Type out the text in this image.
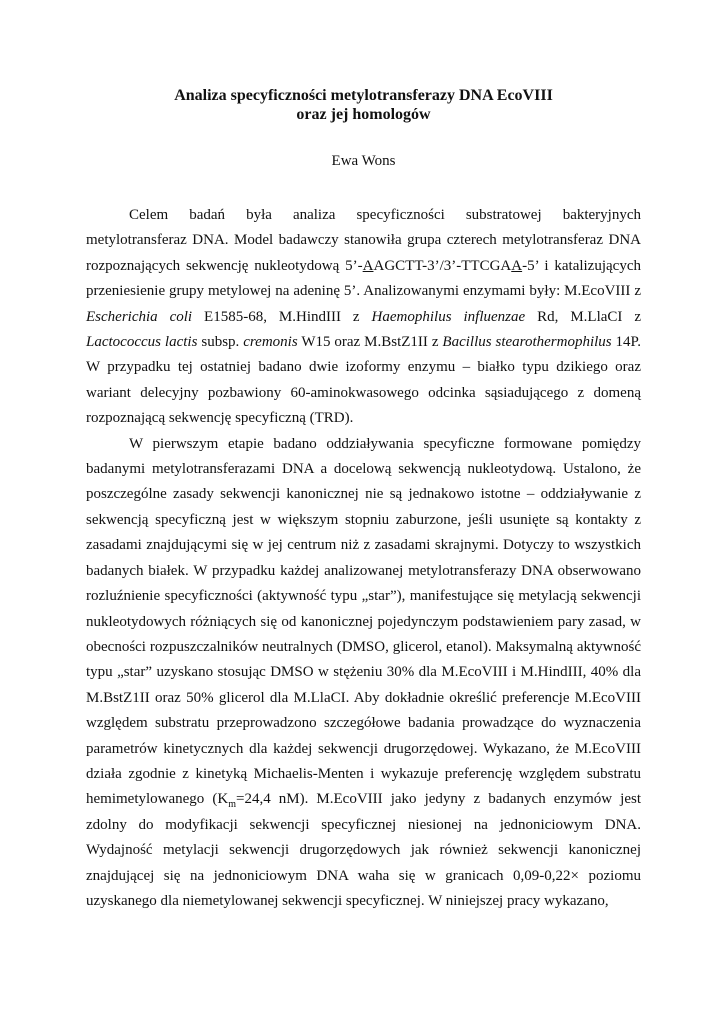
Analiza specyficzności metylotransferazy DNA EcoVIII
oraz jej homologów
Ewa Wons

Celem badań była analiza specyficzności substratowej bakteryjnych metylotransferaz DNA. Model badawczy stanowiła grupa czterech metylotransferaz DNA rozpoznających sekwencję nukleotydową 5’-AAGCTT-3’/3’-TTCGAA-5’ i katalizujących przeniesienie grupy metylowej na adeninę 5’. Analizowanymi enzymami były: M.EcoVIII z Escherichia coli E1585-68, M.HindIII z Haemophilus influenzae Rd, M.LlaCI z Lactococcus lactis subsp. cremonis W15 oraz M.BstZ1II z Bacillus stearothermophilus 14P. W przypadku tej ostatniej badano dwie izoformy enzymu – białko typu dzikiego oraz wariant delecyjny pozbawiony 60-aminokwasowego odcinka sąsiadującego z domeną rozpoznającą sekwencję specyficzną (TRD).

W pierwszym etapie badano oddziaływania specyficzne formowane pomiędzy badanymi metylotransferazami DNA a docelową sekwencją nukleotydową. Ustalono, że poszczególne zasady sekwencji kanonicznej nie są jednakowo istotne – oddziaływanie z sekwencją specyficzną jest w większym stopniu zaburzone, jeśli usunięte są kontakty z zasadami znajdującymi się w jej centrum niż z zasadami skrajnymi. Dotyczy to wszystkich badanych białek. W przypadku każdej analizowanej metylotransferazy DNA obserwowano rozluźnienie specyficzności (aktywność typu „star”), manifestujące się metylacją sekwencji nukleotydowych różniących się od kanonicznej pojedynczym podstawieniem pary zasad, w obecności rozpuszczalników neutralnych (DMSO, glicerol, etanol). Maksymalną aktywność typu „star” uzyskano stosując DMSO w stężeniu 30% dla M.EcoVIII i M.HindIII, 40% dla M.BstZ1II oraz 50% glicerol dla M.LlaCI. Aby dokładnie określić preferencje M.EcoVIII względem substratu przeprowadzono szczegółowe badania prowadzące do wyznaczenia parametrów kinetycznych dla każdej sekwencji drugorzędowej. Wykazano, że M.EcoVIII działa zgodnie z kinetyką Michaelis-Menten i wykazuje preferencję względem substratu hemimetylowanego ($K_m=24,4$ nM). M.EcoVIII jako jedyny z badanych enzymów jest zdolny do modyfikacji sekwencji specyficznej niesionej na jednoniciowym DNA. Wydajność metylacji sekwencji drugorzędowych jak również sekwencji kanonicznej znajdującej się na jednoniciowym DNA waha się w granicach 0,09-0,22× poziomu uzyskanego dla niemetylowanej sekwencji specyficznej. W niniejszej pracy wykazano,
